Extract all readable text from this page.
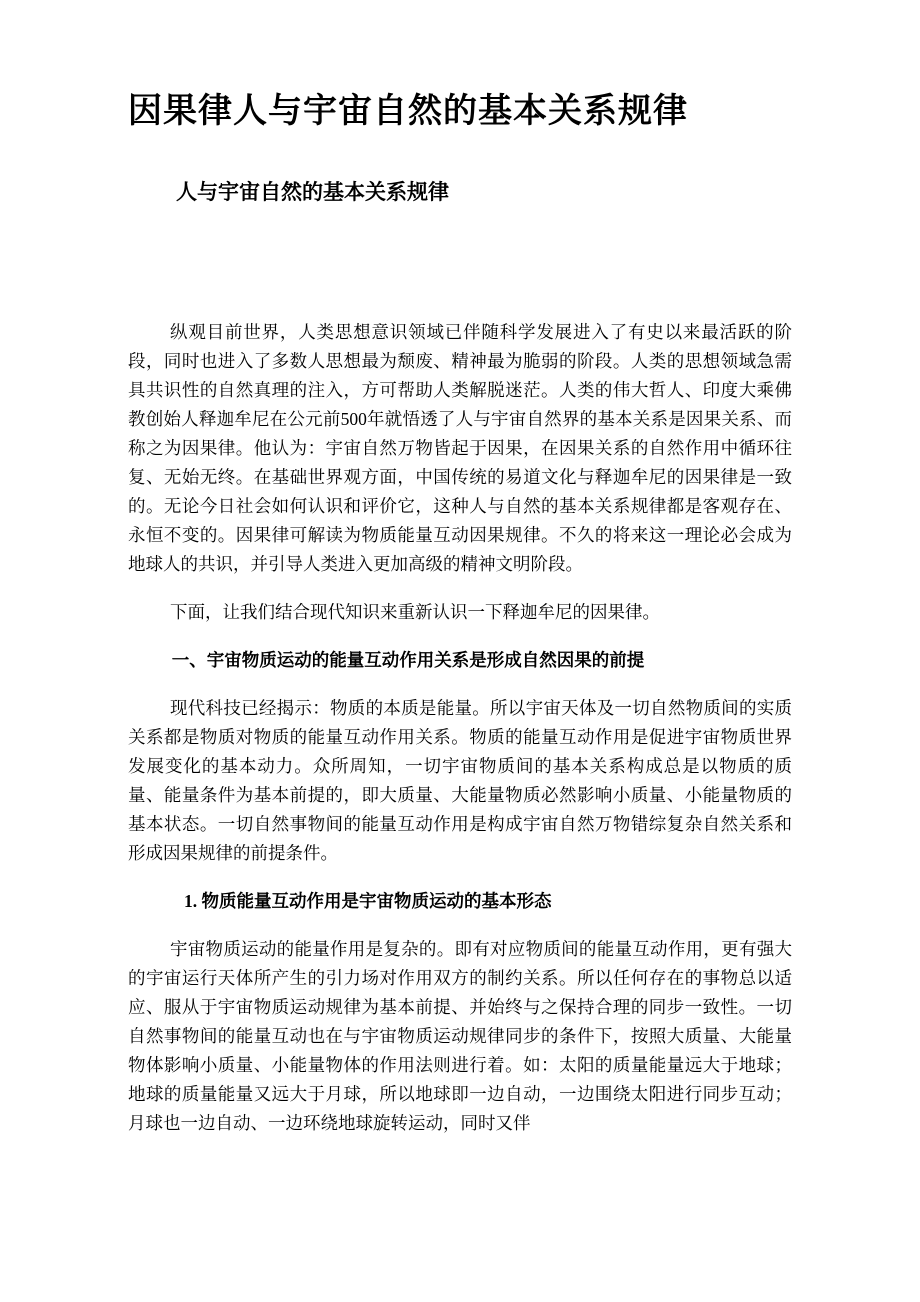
因果律人与宇宙自然的基本关系规律
人与宇宙自然的基本关系规律

纵观目前世界，人类思想意识领域已伴随科学发展进入了有史以来最活跃的阶段，同时也进入了多数人思想最为颓废、精神最为脆弱的阶段。人类的思想领域急需具共识性的自然真理的注入，方可帮助人类解脱迷茫。人类的伟大哲人、印度大乘佛教创始人释迦牟尼在公元前500年就悟透了人与宇宙自然界的基本关系是因果关系、而称之为因果律。他认为：宇宙自然万物皆起于因果，在因果关系的自然作用中循环往复、无始无终。在基础世界观方面，中国传统的易道文化与释迦牟尼的因果律是一致的。无论今日社会如何认识和评价它，这种人与自然的基本关系规律都是客观存在、永恒不变的。因果律可解读为物质能量互动因果规律。不久的将来这一理论必会成为地球人的共识，并引导人类进入更加高级的精神文明阶段。

下面，让我们结合现代知识来重新认识一下释迦牟尼的因果律。

一、宇宙物质运动的能量互动作用关系是形成自然因果的前提

现代科技已经揭示：物质的本质是能量。所以宇宙天体及一切自然物质间的实质关系都是物质对物质的能量互动作用关系。物质的能量互动作用是促进宇宙物质世界发展变化的基本动力。众所周知，一切宇宙物质间的基本关系构成总是以物质的质量、能量条件为基本前提的，即大质量、大能量物质必然影响小质量、小能量物质的基本状态。一切自然事物间的能量互动作用是构成宇宙自然万物错综复杂自然关系和形成因果规律的前提条件。

1. 物质能量互动作用是宇宙物质运动的基本形态

宇宙物质运动的能量作用是复杂的。即有对应物质间的能量互动作用，更有强大的宇宙运行天体所产生的引力场对作用双方的制约关系。所以任何存在的事物总以适应、服从于宇宙物质运动规律为基本前提、并始终与之保持合理的同步一致性。一切自然事物间的能量互动也在与宇宙物质运动规律同步的条件下，按照大质量、大能量物体影响小质量、小能量物体的作用法则进行着。如：太阳的质量能量远大于地球；地球的质量能量又远大于月球，所以地球即一边自动，一边围绕太阳进行同步互动；月球也一边自动、一边环绕地球旋转运动，同时又伴
